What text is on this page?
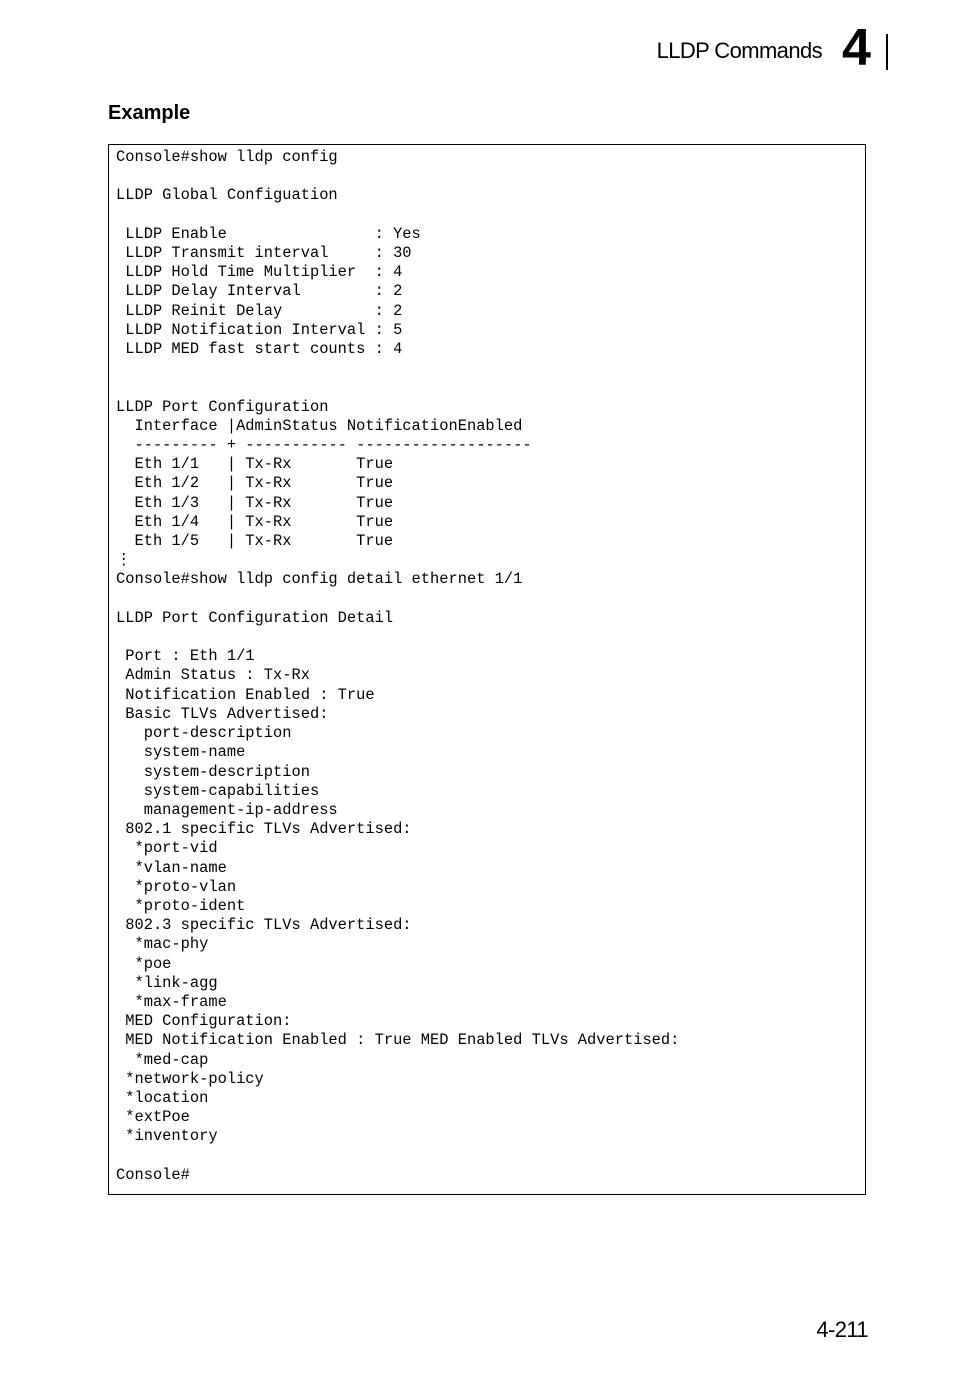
LLDP Commands 4
Example
Console#show lldp config

LLDP Global Configuation

LLDP Enable                : Yes
LLDP Transmit interval     : 30
LLDP Hold Time Multiplier  : 4
LLDP Delay Interval        : 2
LLDP Reinit Delay          : 2
LLDP Notification Interval : 5
LLDP MED fast start counts : 4

LLDP Port Configuration
Interface |AdminStatus NotificationEnabled
--------- + ----------- -------------------
Eth 1/1   | Tx-Rx       True
Eth 1/2   | Tx-Rx       True
Eth 1/3   | Tx-Rx       True
Eth 1/4   | Tx-Rx       True
Eth 1/5   | Tx-Rx       True
⋮
Console#show lldp config detail ethernet 1/1

LLDP Port Configuration Detail

Port : Eth 1/1
Admin Status : Tx-Rx
Notification Enabled : True
Basic TLVs Advertised:
port-description
system-name
system-description
system-capabilities
management-ip-address
802.1 specific TLVs Advertised:
*port-vid
*vlan-name
*proto-vlan
*proto-ident
802.3 specific TLVs Advertised:
*mac-phy
*poe
*link-agg
*max-frame
MED Configuration:
MED Notification Enabled : True MED Enabled TLVs Advertised:
*med-cap
*network-policy
*location
*extPoe
*inventory

Console#
4-211
